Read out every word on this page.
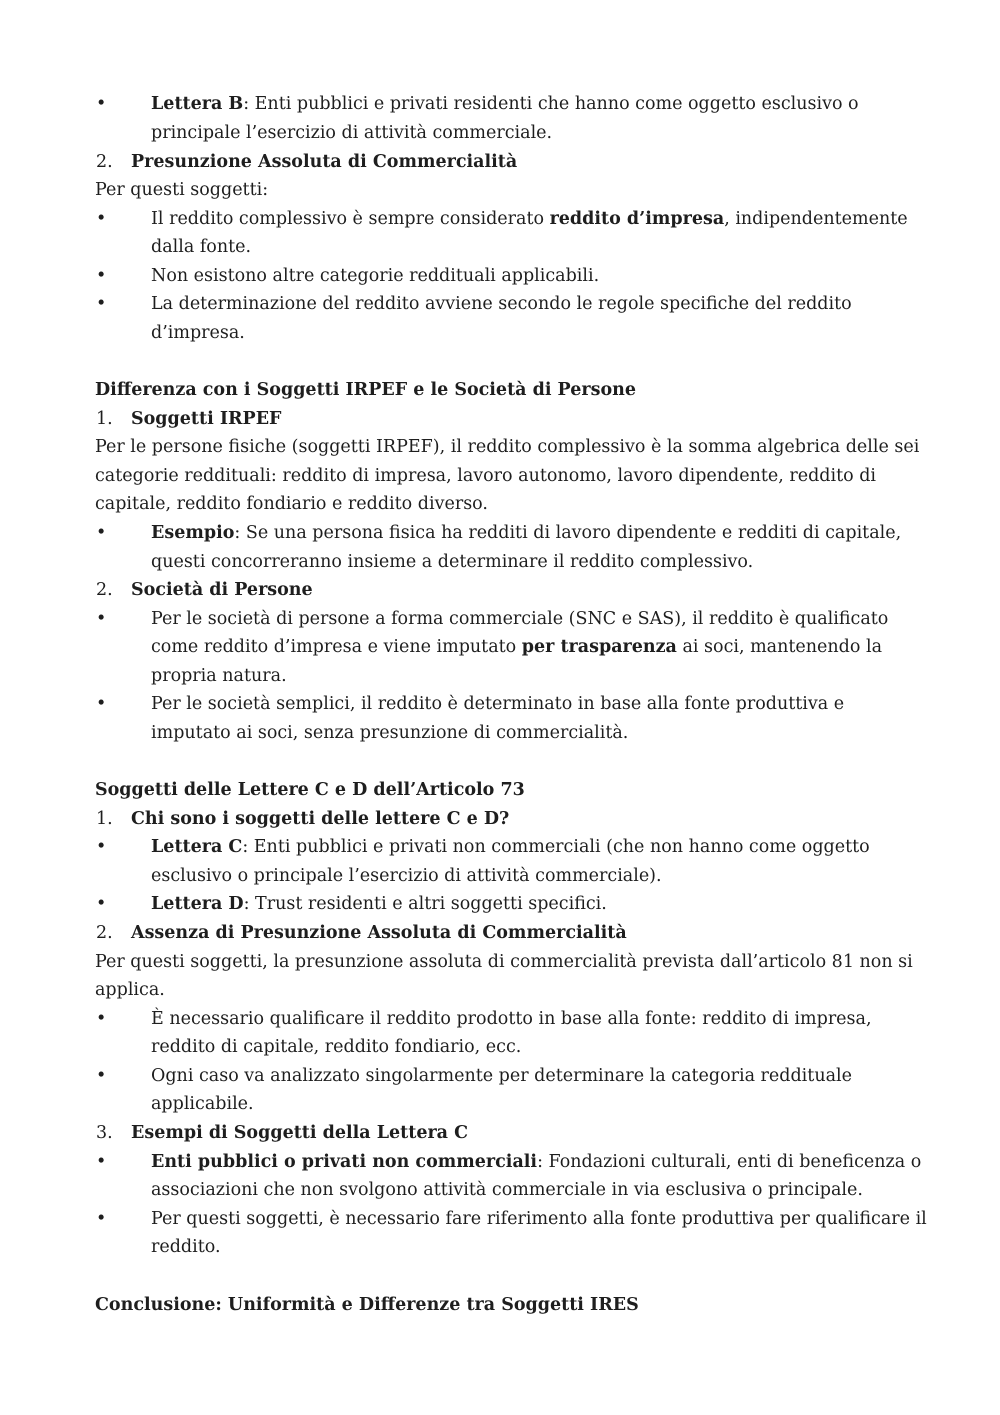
•	Lettera B: Enti pubblici e privati residenti che hanno come oggetto esclusivo o
principale l’esercizio di attività commerciale.
2. Presunzione Assoluta di Commercialità
Per questi soggetti:
•	Il reddito complessivo è sempre considerato reddito d’impresa, indipendentemente
dalla fonte.
•	Non esistono altre categorie reddituali applicabili.
•	La determinazione del reddito avviene secondo le regole specifiche del reddito
d’impresa.
Differenza con i Soggetti IRPEF e le Società di Persone
1. Soggetti IRPEF
Per le persone fisiche (soggetti IRPEF), il reddito complessivo è la somma algebrica delle sei
categorie reddituali: reddito di impresa, lavoro autonomo, lavoro dipendente, reddito di
capitale, reddito fondiario e reddito diverso.
•	Esempio: Se una persona fisica ha redditi di lavoro dipendente e redditi di capitale,
questi concorreranno insieme a determinare il reddito complessivo.
2. Società di Persone
•	Per le società di persone a forma commerciale (SNC e SAS), il reddito è qualificato
come reddito d’impresa e viene imputato per trasparenza ai soci, mantenendo la
propria natura.
•	Per le società semplici, il reddito è determinato in base alla fonte produttiva e
imputato ai soci, senza presunzione di commercialità.
Soggetti delle Lettere C e D dell’Articolo 73
1. Chi sono i soggetti delle lettere C e D?
•	Lettera C: Enti pubblici e privati non commerciali (che non hanno come oggetto
esclusivo o principale l’esercizio di attività commerciale).
•	Lettera D: Trust residenti e altri soggetti specifici.
2. Assenza di Presunzione Assoluta di Commercialità
Per questi soggetti, la presunzione assoluta di commercialità prevista dall’articolo 81 non si
applica.
•	È necessario qualificare il reddito prodotto in base alla fonte: reddito di impresa,
reddito di capitale, reddito fondiario, ecc.
•	Ogni caso va analizzato singolarmente per determinare la categoria reddituale
applicabile.
3. Esempi di Soggetti della Lettera C
•	Enti pubblici o privati non commerciali: Fondazioni culturali, enti di beneficenza o
associazioni che non svolgono attività commerciale in via esclusiva o principale.
•	Per questi soggetti, è necessario fare riferimento alla fonte produttiva per qualificare il
reddito.
Conclusione: Uniformità e Differenze tra Soggetti IRES
